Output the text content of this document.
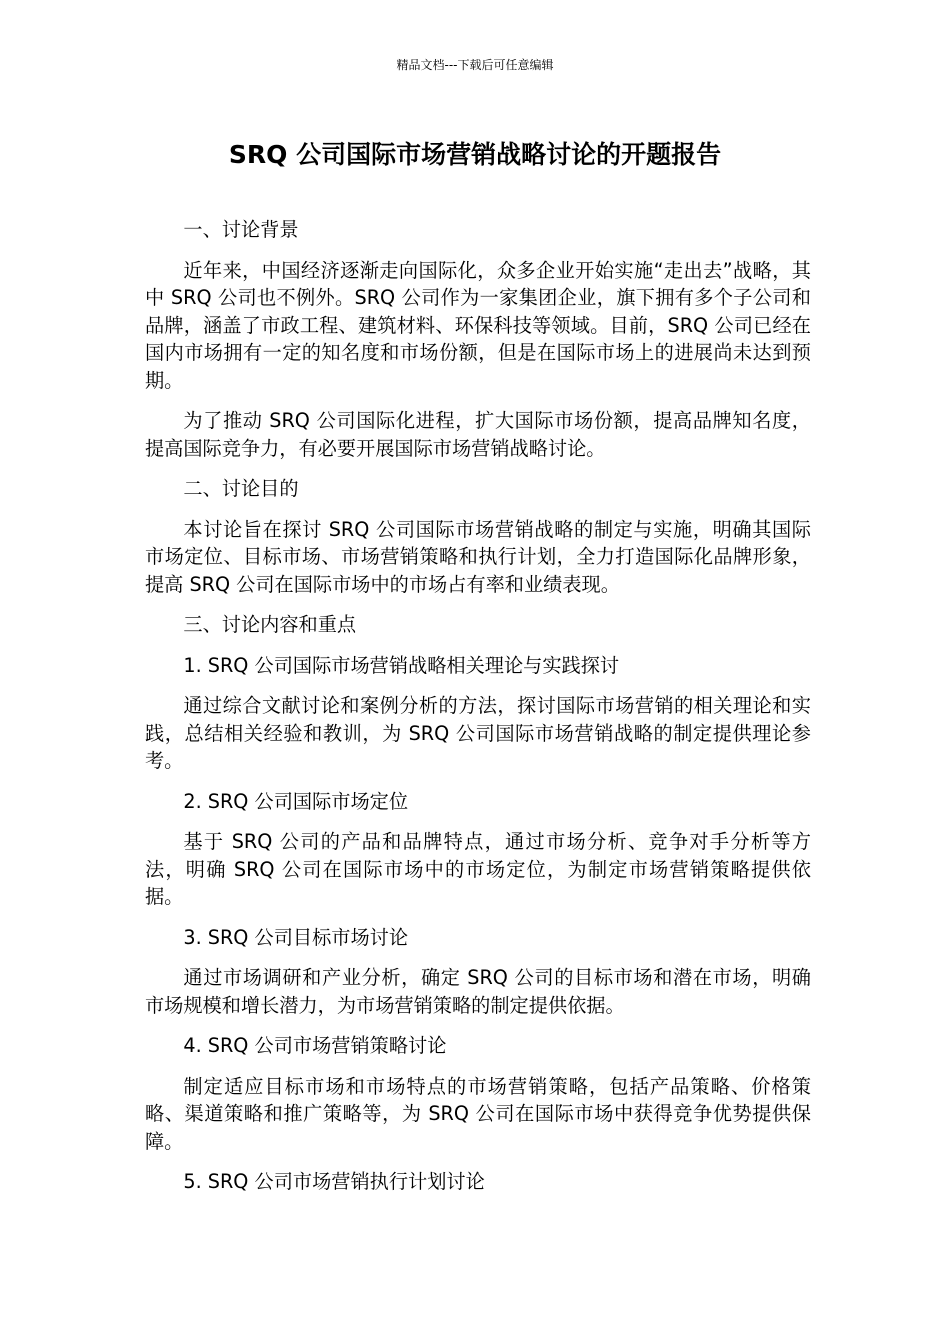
精品文档---下载后可任意编辑
SRQ 公司国际市场营销战略讨论的开题报告

一、讨论背景

近年来，中国经济逐渐走向国际化，众多企业开始实施“走出去”战略，其中 SRQ 公司也不例外。SRQ 公司作为一家集团企业，旗下拥有多个子公司和品牌，涵盖了市政工程、建筑材料、环保科技等领域。目前，SRQ 公司已经在国内市场拥有一定的知名度和市场份额，但是在国际市场上的进展尚未达到预期。

为了推动 SRQ 公司国际化进程，扩大国际市场份额，提高品牌知名度，提高国际竞争力，有必要开展国际市场营销战略讨论。

二、讨论目的

本讨论旨在探讨 SRQ 公司国际市场营销战略的制定与实施，明确其国际市场定位、目标市场、市场营销策略和执行计划，全力打造国际化品牌形象，提高 SRQ 公司在国际市场中的市场占有率和业绩表现。

三、讨论内容和重点

1. SRQ 公司国际市场营销战略相关理论与实践探讨

通过综合文献讨论和案例分析的方法，探讨国际市场营销的相关理论和实践，总结相关经验和教训，为 SRQ 公司国际市场营销战略的制定提供理论参考。

2. SRQ 公司国际市场定位

基于 SRQ 公司的产品和品牌特点，通过市场分析、竞争对手分析等方法，明确 SRQ 公司在国际市场中的市场定位，为制定市场营销策略提供依据。

3. SRQ 公司目标市场讨论

通过市场调研和产业分析，确定 SRQ 公司的目标市场和潜在市场，明确市场规模和增长潜力，为市场营销策略的制定提供依据。

4. SRQ 公司市场营销策略讨论

制定适应目标市场和市场特点的市场营销策略，包括产品策略、价格策略、渠道策略和推广策略等，为 SRQ 公司在国际市场中获得竞争优势提供保障。

5. SRQ 公司市场营销执行计划讨论
